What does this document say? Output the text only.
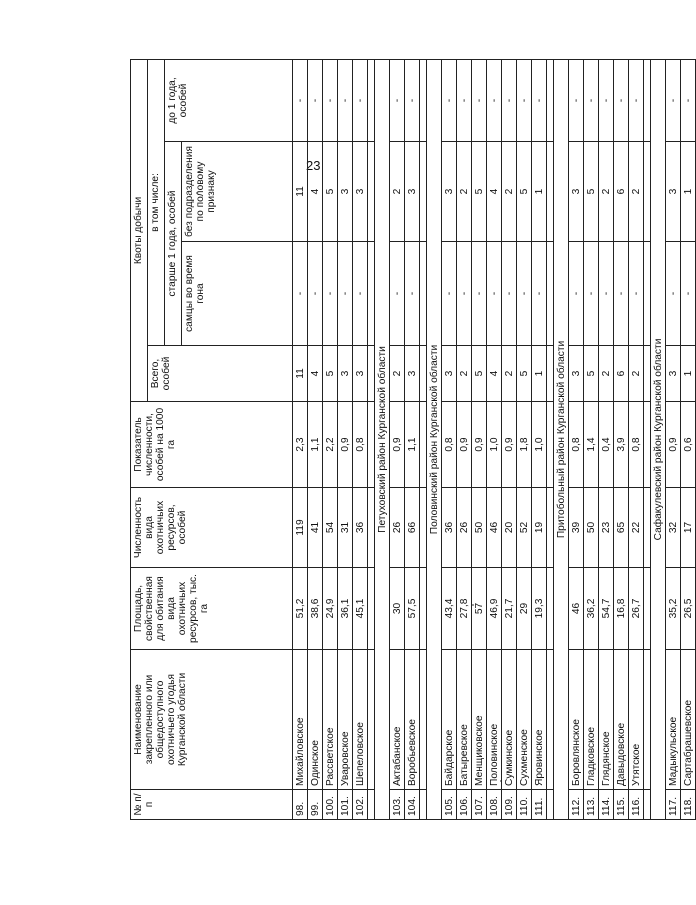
23
№ п/п	Наименование закрепленного или общедоступного охотничьего угодья Курганской области	Площадь, свойственная для обитания вида охотничьих ресурсов, тыс. га	Численность вида охотничьих ресурсов, особей	Показатель численности, особей на 1000 га	Квоты добычи			
					Всего, особей	в том числе:		
						старше 1 года, особей		до 1 года, особей
						самцы во время гона	без подразделения по половому признаку	
98.	Михайловское	51,2	119	2,3	11	-	11	-
99.	Одинское	38,6	41	1,1	4	-	4	-
100.	Рассветское	24,9	54	2,2	5	-	5	-
101.	Уваровское	36,1	31	0,9	3	-	3	-
102.	Шепеловское	45,1	36	0,8	3	-	3	-

Петуховский район Курганской области								
103.	Актабанское	30	26	0,9	2	-	2	-
104.	Воробьевское	57,5	66	1,1	3	-	3	-

Половинский район Курганской области								
105.	Байдарское	43,4	36	0,8	3	-	3	-
106.	Батыревское	27,8	26	0,9	2	-	2	-
107.	Менщиковское	57	50	0,9	5	-	5	-
108.	Половинское	46,9	46	1,0	4	-	4	-
109.	Сумкинское	21,7	20	0,9	2	-	2	-
110.	Сухменское	29	52	1,8	5	-	5	-
111.	Яровинское	19,3	19	1,0	1	-	1	-

Притобольный район Курганской области								
112.	Боровлянское	46	39	0,8	3	-	3	-
113.	Гладковское	36,2	50	1,4	5	-	5	-
114.	Глядянское	54,7	23	0,4	2	-	2	-
115.	Давыдовское	16,8	65	3,9	6	-	6	-
116.	Утятское	26,7	22	0,8	2	-	2	-

Сафакулевский район Курганской области								
117.	Мадыкульское	35,2	32	0,9	3	-	3	-
118.	Сартабрашевское	26,5	17	0,6	1	-	1	-
